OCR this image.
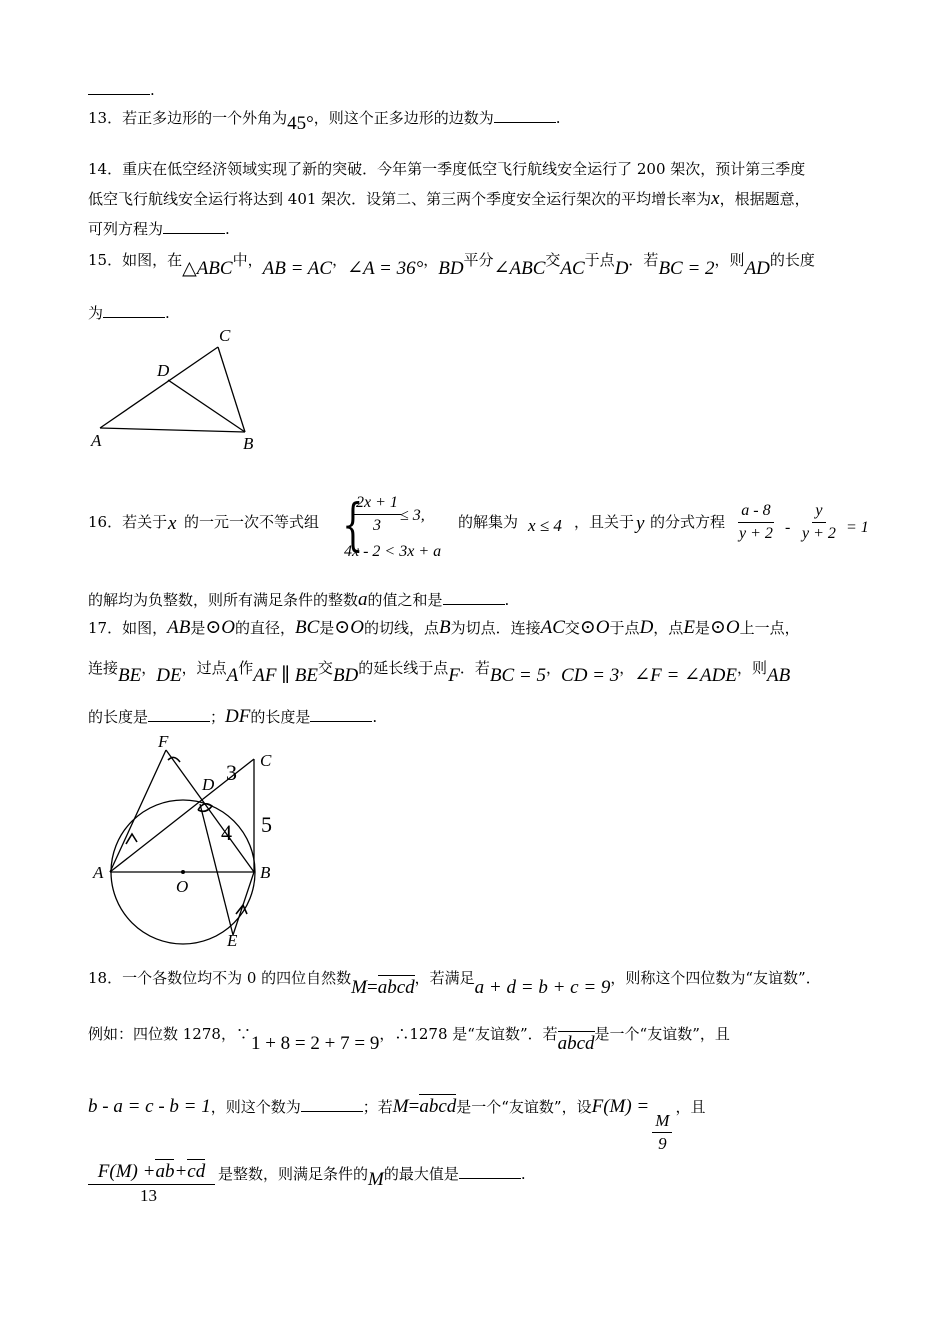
.
13．若正多边形的一个外角为45°，则这个正多边形的边数为	.
14．重庆在低空经济领域实现了新的突破．今年第一季度低空飞行航线安全运行了 200 架次，预计第三季度
低空飞行航线安全运行将达到 401 架次．设第二、第三两个季度安全运行架次的平均增长率为x，根据题意，
可列方程为	.
15．如图，在△ABC中，AB = AC，∠A = 36°，BD平分∠ABC交AC于点D．若BC = 2，则AD的长度
为	.
C
D
A	B
16．若关于 x 的一元一次不等式组 {
$\frac{2x + 1}{3} \le 3$,
4x - 2 < 3x + a
的解集为 x ≤ 4 ，且关于 y 的分式方程 $\frac{a - 8}{y + 2} - \frac{y}{y + 2} = 1$
的解均为负整数，则所有满足条件的整数a的值之和是	.
17．如图，AB是⊙O的直径，BC是⊙O的切线，点B为切点．连接AC交⊙O于点D，点E是⊙O上一点，
连接BE，DE，过点A作AF ∥ BE交BD的延长线于点F．若BC = 5，CD = 3，∠F = ∠ADE，则AB
的长度是	；DF的长度是	.
F
D
C
A
O
B
E
3
5
4
18．一个各数位均不为 0 的四位自然数M=abcd，若满足a + d = b + c = 9，则称这个四位数为“友谊数”．
例如：四位数 1278，∵1 + 8 = 2 + 7 = 9，∴1278 是“友谊数”．若abcd是一个“友谊数”，且
b - a = c - b = 1，则这个数为	；若M=abcd是一个“友谊数”，设F(M) =
$\frac{M}{9}$
，且
F(M) +ab+cd
13
是整数，则满足条件的M的最大值是	.
